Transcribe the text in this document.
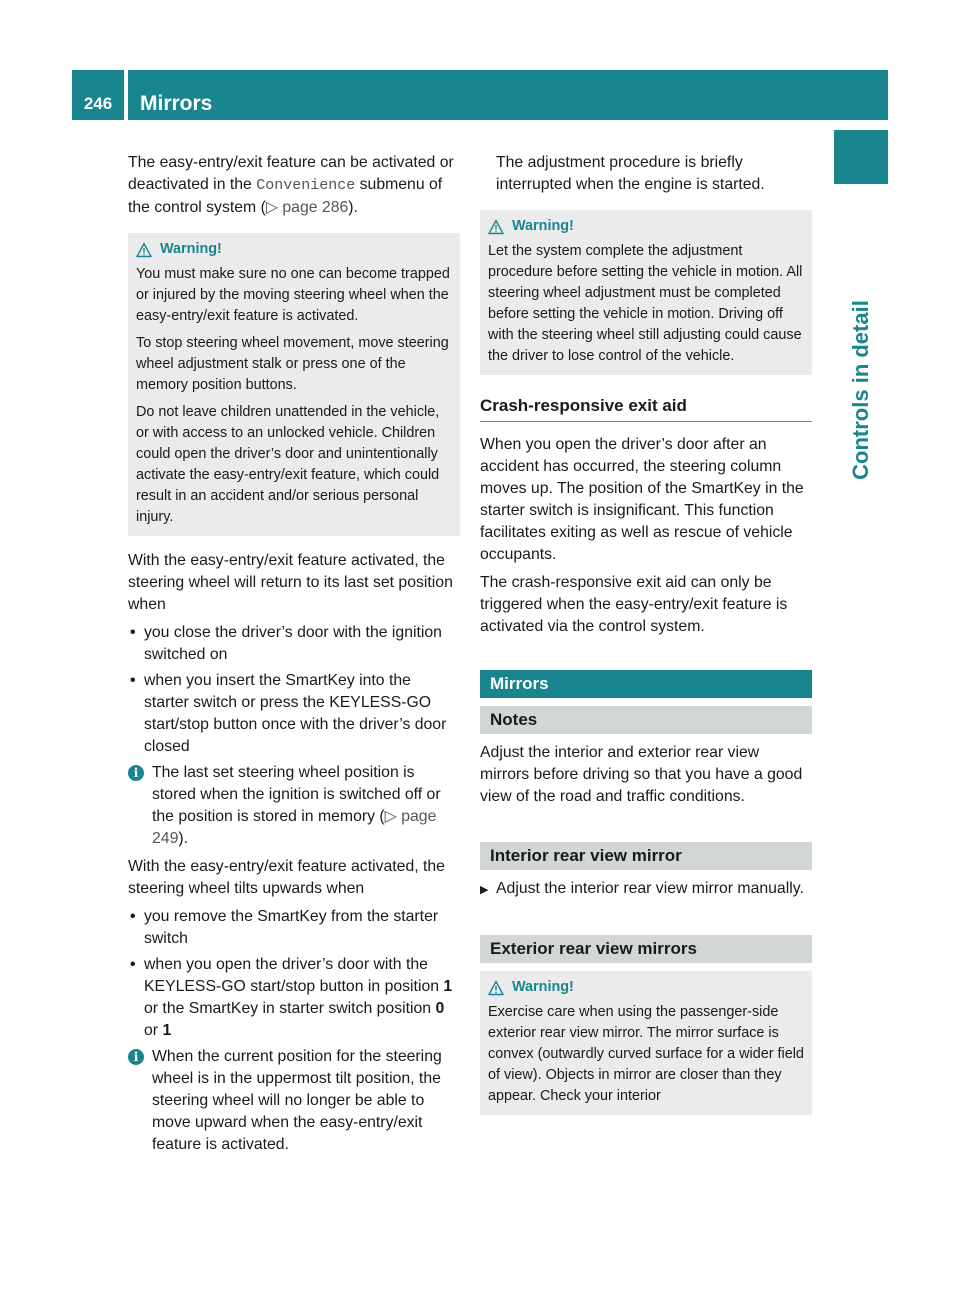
246	Mirrors
Controls in detail

The easy-entry/exit feature can be activated or deactivated in the Convenience submenu of the control system (▷ page 286).

Warning!

You must make sure no one can become trapped or injured by the moving steering wheel when the easy-entry/exit feature is activated.

To stop steering wheel movement, move steering wheel adjustment stalk or press one of the memory position buttons.

Do not leave children unattended in the vehicle, or with access to an unlocked vehicle. Children could open the driver’s door and unintentionally activate the easy-entry/exit feature, which could result in an accident and/or serious personal injury.

With the easy-entry/exit feature activated, the steering wheel will return to its last set position when

• you close the driver’s door with the ignition switched on
• when you insert the SmartKey into the starter switch or press the KEYLESS-GO start/stop button once with the driver’s door closed
i The last set steering wheel position is stored when the ignition is switched off or the position is stored in memory (▷ page 249).

With the easy-entry/exit feature activated, the steering wheel tilts upwards when

• you remove the SmartKey from the starter switch
• when you open the driver’s door with the KEYLESS-GO start/stop button in position 1 or the SmartKey in starter switch position 0 or 1
i When the current position for the steering wheel is in the uppermost tilt position, the steering wheel will no longer be able to move upward when the easy-entry/exit feature is activated.

The adjustment procedure is briefly interrupted when the engine is started.

Warning!

Let the system complete the adjustment procedure before setting the vehicle in motion. All steering wheel adjustment must be completed before setting the vehicle in motion. Driving off with the steering wheel still adjusting could cause the driver to lose control of the vehicle.

Crash-responsive exit aid

When you open the driver’s door after an accident has occurred, the steering column moves up. The position of the SmartKey in the starter switch is insignificant. This function facilitates exiting as well as rescue of vehicle occupants.

The crash-responsive exit aid can only be triggered when the easy-entry/exit feature is activated via the control system.

Mirrors
Notes

Adjust the interior and exterior rear view mirrors before driving so that you have a good view of the road and traffic conditions.

Interior rear view mirror
▶ Adjust the interior rear view mirror manually.
Exterior rear view mirrors
Warning!

Exercise care when using the passenger-side exterior rear view mirror. The mirror surface is convex (outwardly curved surface for a wider field of view). Objects in mirror are closer than they appear. Check your interior
